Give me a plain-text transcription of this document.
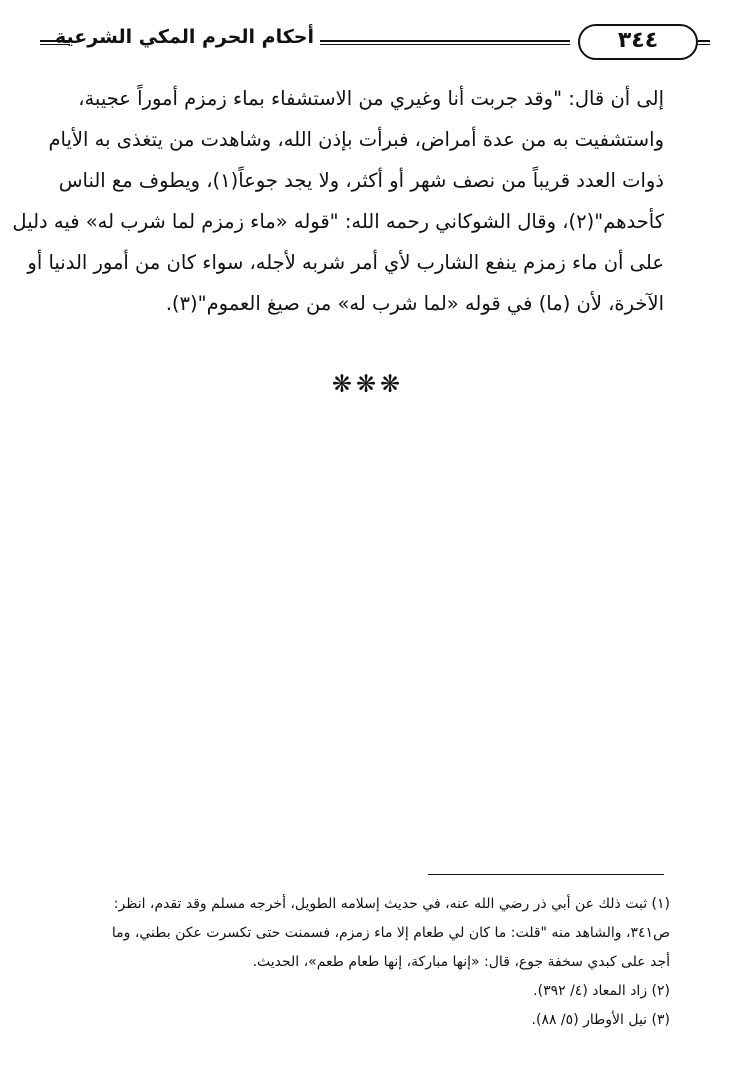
أحكام الحرم المكي الشرعية	٣٤٤
إلى أن قال: "وقد جربت أنا وغيري من الاستشفاء بماء زمزم أموراً عجيبة،
واستشفيت به من عدة أمراض، فبرأت بإذن الله، وشاهدت من يتغذى به الأيام
ذوات العدد قريباً من نصف شهر أو أكثر، ولا يجد جوعاً(١)، ويطوف مع الناس
كأحدهم"(٢)، وقال الشوكاني رحمه الله: "قوله «ماء زمزم لما شرب له» فيه دليل
على أن ماء زمزم ينفع الشارب لأي أمر شربه لأجله، سواء كان من أمور الدنيا أو
الآخرة، لأن (ما) في قوله «لما شرب له» من صيغ العموم"(٣).
❋❋❋
(١) ثبت ذلك عن أبي ذر رضي الله عنه، في حديث إسلامه الطويل، أخرجه مسلم وقد تقدم، انظر:
ص٣٤١، والشاهد منه "قلت: ما كان لي طعام إلا ماء زمزم، فسمنت حتى تكسرت عكن بطني، وما
أجد على كبدي سخفة جوع، قال: «إنها مباركة، إنها طعام طعم»، الحديث.
(٢) زاد المعاد (٤/ ٣٩٢).
(٣) نيل الأوطار (٥/ ٨٨).
